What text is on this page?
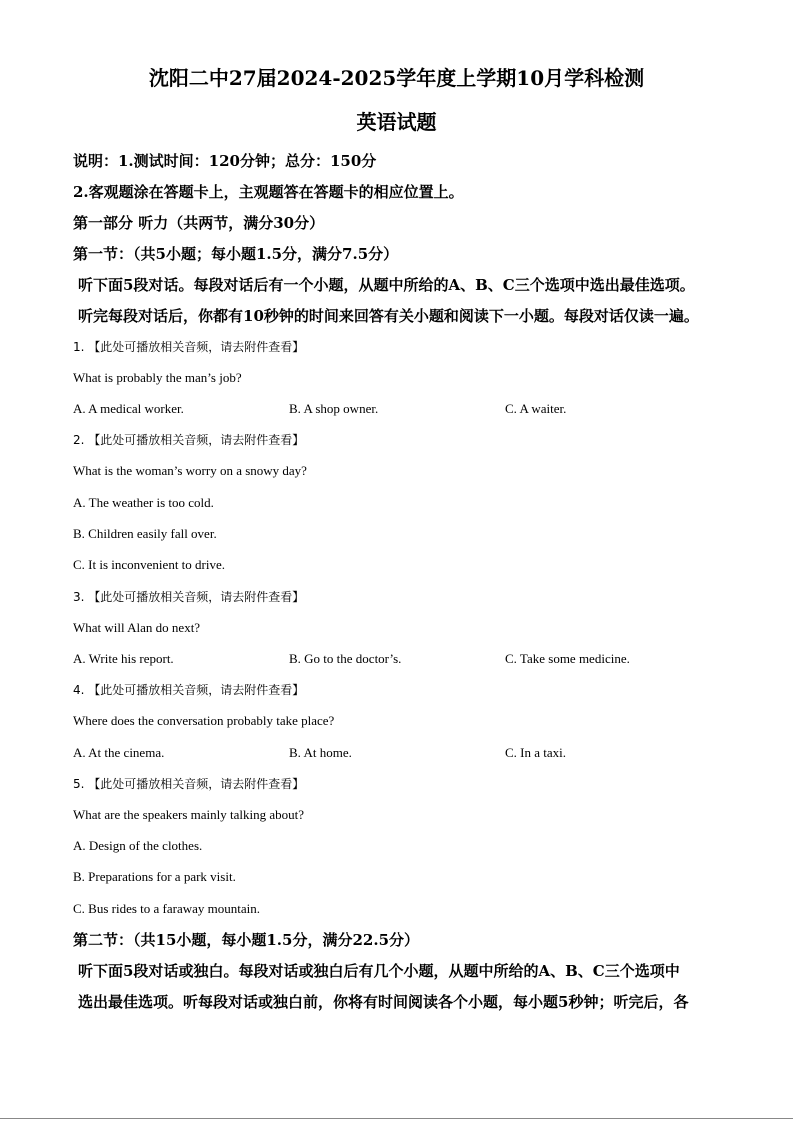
沈阳二中27届2024-2025学年度上学期10月学科检测
英语试题
说明：1.测试时间：120分钟；总分：150分
2.客观题涂在答题卡上，主观题答在答题卡的相应位置上。
第一部分 听力（共两节，满分30分）
第一节：（共5小题；每小题1.5分，满分7.5分）
听下面5段对话。每段对话后有一个小题，从题中所给的A、B、C三个选项中选出最佳选项。
听完每段对话后，你都有10秒钟的时间来回答有关小题和阅读下一小题。每段对话仅读一遍。
1. 【此处可播放相关音频，请去附件查看】
What is probably the man’s job?
A. A medical worker.	B. A shop owner.	C. A waiter.
2. 【此处可播放相关音频，请去附件查看】
What is the woman’s worry on a snowy day?
A. The weather is too cold.
B. Children easily fall over.
C. It is inconvenient to drive.
3. 【此处可播放相关音频，请去附件查看】
What will Alan do next?
A. Write his report.	B. Go to the doctor’s.	C. Take some medicine.
4. 【此处可播放相关音频，请去附件查看】
Where does the conversation probably take place?
A. At the cinema.	B. At home.	C. In a taxi.
5. 【此处可播放相关音频，请去附件查看】
What are the speakers mainly talking about?
A. Design of the clothes.
B. Preparations for a park visit.
C. Bus rides to a faraway mountain.
第二节：（共15小题，每小题1.5分，满分22.5分）
听下面5段对话或独白。每段对话或独白后有几个小题，从题中所给的A、B、C三个选项中
选出最佳选项。听每段对话或独白前，你将有时间阅读各个小题，每小题5秒钟；听完后，各
